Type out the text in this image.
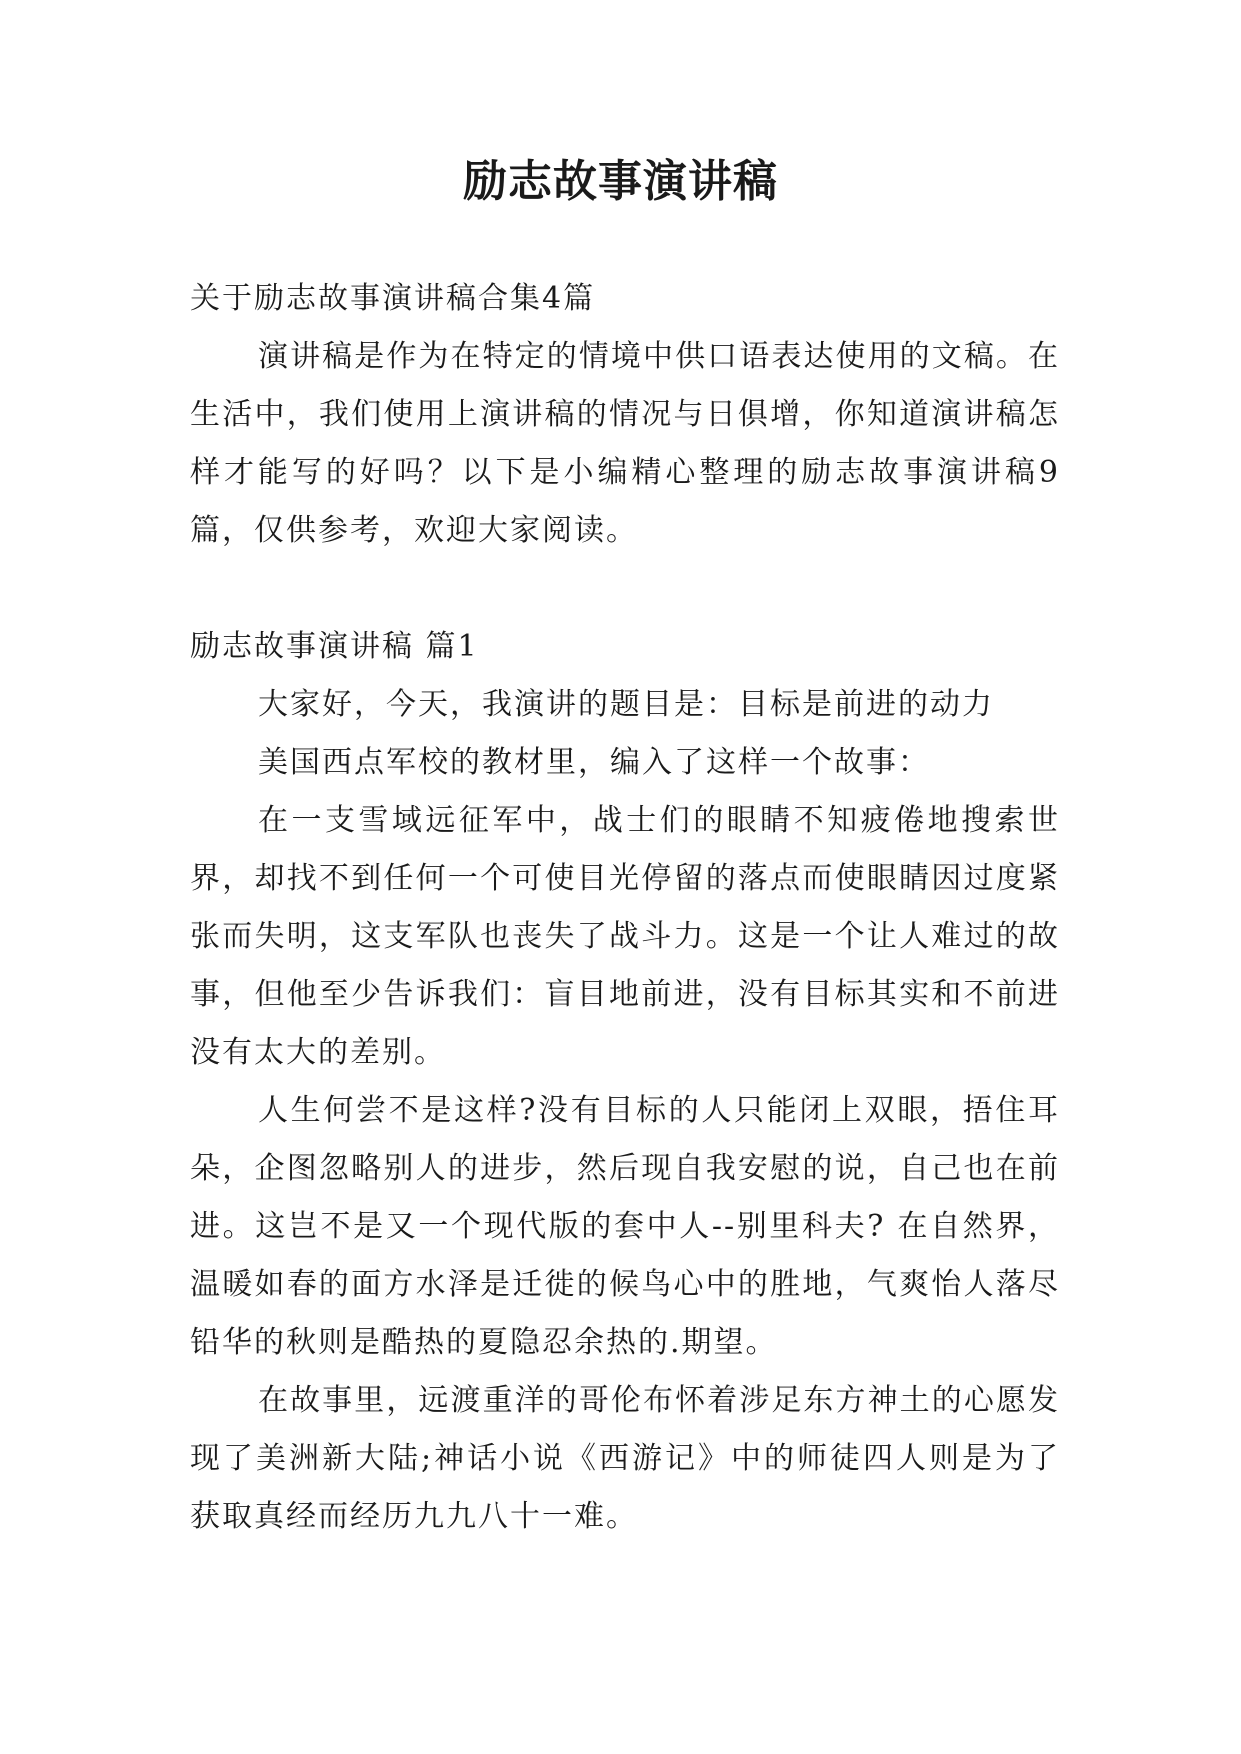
励志故事演讲稿

关于励志故事演讲稿合集4篇

演讲稿是作为在特定的情境中供口语表达使用的文稿。在生活中，我们使用上演讲稿的情况与日俱增，你知道演讲稿怎样才能写的好吗？以下是小编精心整理的励志故事演讲稿9篇，仅供参考，欢迎大家阅读。

励志故事演讲稿 篇1

大家好，今天，我演讲的题目是：目标是前进的动力

美国西点军校的教材里，编入了这样一个故事：

在一支雪域远征军中，战士们的眼睛不知疲倦地搜索世界，却找不到任何一个可使目光停留的落点而使眼睛因过度紧张而失明，这支军队也丧失了战斗力。这是一个让人难过的故事，但他至少告诉我们：盲目地前进，没有目标其实和不前进没有太大的差别。

人生何尝不是这样?没有目标的人只能闭上双眼，捂住耳朵，企图忽略别人的进步，然后现自我安慰的说，自己也在前进。这岂不是又一个现代版的套中人--别里科夫? 在自然界，温暖如春的面方水泽是迁徙的候鸟心中的胜地，气爽怡人落尽铅华的秋则是酷热的夏隐忍余热的.期望。

在故事里，远渡重洋的哥伦布怀着涉足东方神土的心愿发现了美洲新大陆;神话小说《西游记》中的师徒四人则是为了获取真经而经历九九八十一难。
